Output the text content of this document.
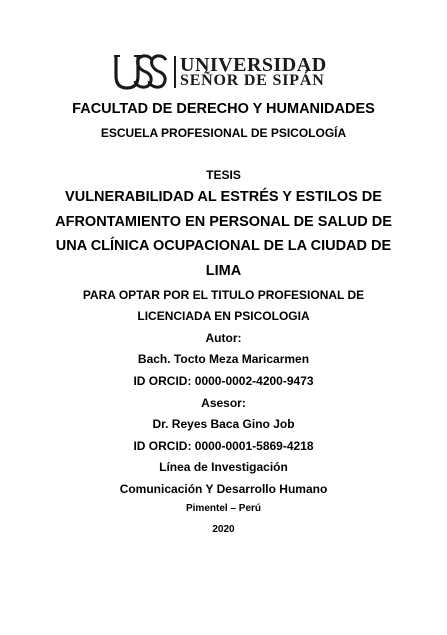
UNIVERSIDAD
SEÑOR DE SIPÁN
FACULTAD DE DERECHO Y HUMANIDADES
ESCUELA PROFESIONAL DE PSICOLOGÍA
TESIS
VULNERABILIDAD AL ESTRÉS Y ESTILOS DE
AFRONTAMIENTO EN PERSONAL DE SALUD DE
UNA CLÍNICA OCUPACIONAL DE LA CIUDAD DE
LIMA
PARA OPTAR POR EL TITULO PROFESIONAL DE
LICENCIADA EN PSICOLOGIA
Autor:
Bach. Tocto Meza Maricarmen
ID ORCID: 0000-0002-4200-9473
Asesor:
Dr. Reyes Baca Gino Job
ID ORCID: 0000-0001-5869-4218
Línea de Investigación
Comunicación Y Desarrollo Humano
Pimentel – Perú
2020
